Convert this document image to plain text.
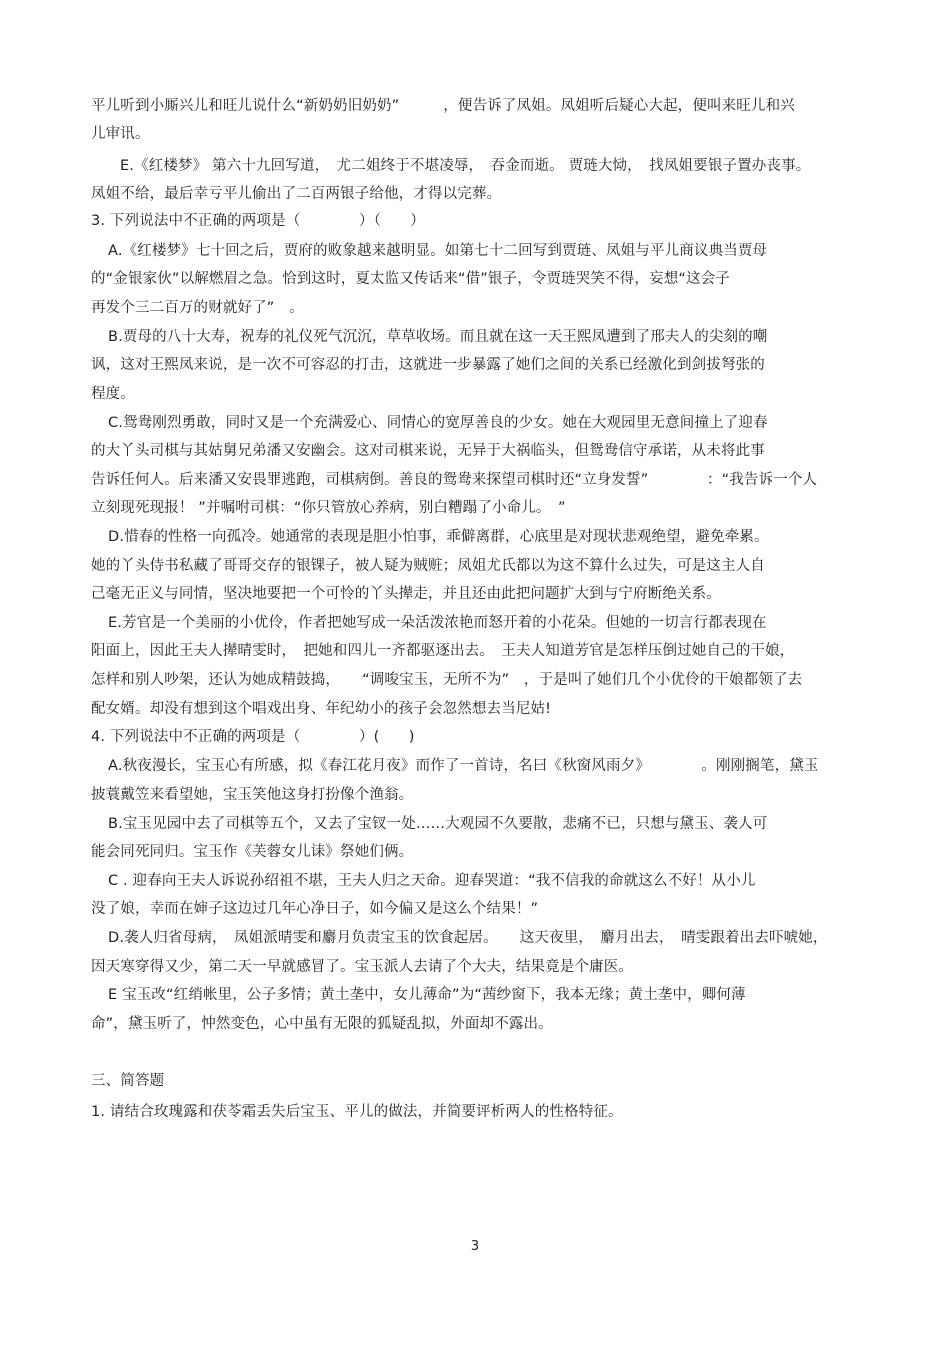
平儿听到小厮兴儿和旺儿说什么“新奶奶旧奶奶”　　　，便告诉了凤姐。凤姐听后疑心大起，便叫来旺儿和兴
儿审讯。
E.《红楼梦》 第六十九回写道，　尤二姐终于不堪凌辱，　吞金而逝。 贾琏大恸，　找凤姐要银子置办丧事。
凤姐不给，最后幸亏平儿偷出了二百两银子给他，才得以完葬。
3. 下列说法中不正确的两项是（　　　　）（　　）
A.《红楼梦》七十回之后，贾府的败象越来越明显。如第七十二回写到贾琏、凤姐与平儿商议典当贾母
的“金银家伙”以解燃眉之急。恰到这时，夏太监又传话来“借”银子，令贾琏哭笑不得，妄想“这会子
再发个三二百万的财就好了”　。
B.贾母的八十大寿，祝寿的礼仪死气沉沉，草草收场。而且就在这一天王熙凤遭到了邢夫人的尖刻的嘲
讽，这对王熙凤来说，是一次不可容忍的打击，这就进一步暴露了她们之间的关系已经激化到剑拔弩张的
程度。
C.鸳鸯刚烈勇敢，同时又是一个充满爱心、同情心的宽厚善良的少女。她在大观园里无意间撞上了迎春
的大丫头司棋与其姑舅兄弟潘又安幽会。这对司棋来说，无异于大祸临头，但鸳鸯信守承诺，从未将此事
告诉任何人。后来潘又安畏罪逃跑，司棋病倒。善良的鸳鸯来探望司棋时还“立身发誓”　　　　：“我告诉一个人
立刻现死现报！ ”并嘱咐司棋：“你只管放心养病，别白糟蹋了小命儿。　”
D.惜春的性格一向孤冷。她通常的表现是胆小怕事，乖僻离群，心底里是对现状悲观绝望，避免牵累。
她的丫头侍书私藏了哥哥交存的银锞子，被人疑为贼赃；凤姐尤氏都以为这不算什么过失，可是这主人自
己毫无正义与同情，坚决地要把一个可怜的丫头撵走，并且还由此把问题扩大到与宁府断绝关系。
E.芳官是一个美丽的小优伶，作者把她写成一朵活泼浓艳而怒开着的小花朵。但她的一切言行都表现在
阳面上，因此王夫人撵晴雯时，　把她和四儿一齐都驱逐出去。　王夫人知道芳官是怎样压倒过她自己的干娘，
怎样和别人吵架，还认为她成精鼓捣，　　“调唆宝玉，无所不为”　，于是叫了她们几个小优伶的干娘都领了去
配女婿。却没有想到这个唱戏出身、年纪幼小的孩子会忽然想去当尼姑!
4. 下列说法中不正确的两项是（　　　　）(　　)
A.秋夜漫长，宝玉心有所感，拟《春江花月夜》而作了一首诗，名曰《秋窗风雨夕》　　　　。刚刚搁笔，黛玉
披蓑戴笠来看望她，宝玉笑他这身打扮像个渔翁。
B.宝玉见园中去了司棋等五个，又去了宝钗一处……大观园不久要散，悲痛不已，只想与黛玉、袭人可
能会同死同归。宝玉作《芙蓉女儿诔》祭她们俩。
C . 迎春向王夫人诉说孙绍祖不堪，王夫人归之天命。迎春哭道：“我不信我的命就这么不好！从小儿
没了娘，幸而在婶子这边过几年心净日子，如今偏又是这么个结果！”
D.袭人归省母病，　凤姐派晴雯和麝月负责宝玉的饮食起居。　　这天夜里，　麝月出去，　晴雯跟着出去吓唬她，
因天寒穿得又少，第二天一早就感冒了。宝玉派人去请了个大夫，结果竟是个庸医。
E 宝玉改“红绡帐里，公子多情；黄土垄中，女儿薄命”为“茜纱窗下，我本无缘；黄土垄中，卿何薄
命”，黛玉听了，忡然变色，心中虽有无限的狐疑乱拟，外面却不露出。
三、简答题
1. 请结合玫瑰露和茯苓霜丢失后宝玉、平儿的做法，并简要评析两人的性格特征。
3
